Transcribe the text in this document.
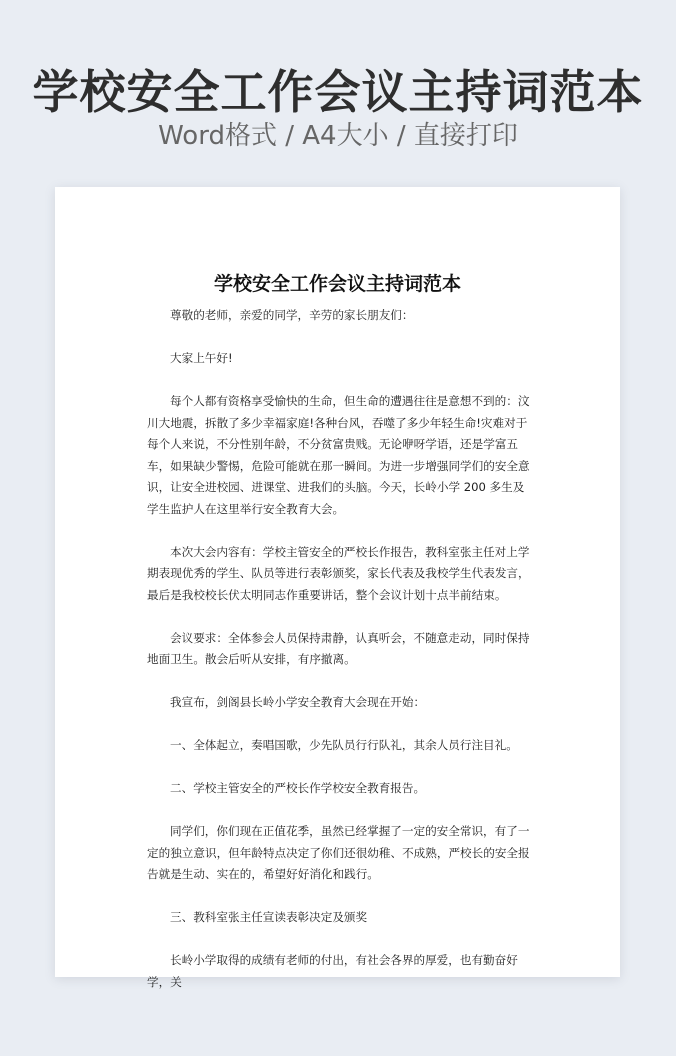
学校安全工作会议主持词范本
Word格式 / A4大小 / 直接打印
学校安全工作会议主持词范本

尊敬的老师，亲爱的同学，辛劳的家长朋友们：

大家上午好!

每个人都有资格享受愉快的生命，但生命的遭遇往往是意想不到的：汶川大地震，拆散了多少幸福家庭!各种台风，吞噬了多少年轻生命!灾难对于每个人来说，不分性别年龄，不分贫富贵贱。无论咿呀学语，还是学富五车，如果缺少警惕，危险可能就在那一瞬间。为进一步增强同学们的安全意识，让安全进校园、进课堂、进我们的头脑。今天，长岭小学 200 多生及学生监护人在这里举行安全教育大会。

本次大会内容有：学校主管安全的严校长作报告，教科室张主任对上学期表现优秀的学生、队员等进行表彰颁奖，家长代表及我校学生代表发言，最后是我校校长伏太明同志作重要讲话，整个会议计划十点半前结束。

会议要求：全体参会人员保持肃静，认真听会，不随意走动，同时保持地面卫生。散会后听从安排，有序撤离。

我宣布，剑阁县长岭小学安全教育大会现在开始：

一、全体起立，奏唱国歌，少先队员行行队礼，其余人员行注目礼。

二、学校主管安全的严校长作学校安全教育报告。

同学们，你们现在正值花季，虽然已经掌握了一定的安全常识，有了一定的独立意识，但年龄特点决定了你们还很幼稚、不成熟，严校长的安全报告就是生动、实在的，希望好好消化和践行。

三、教科室张主任宣读表彰决定及颁奖

长岭小学取得的成绩有老师的付出，有社会各界的厚爱，也有勤奋好学，关
